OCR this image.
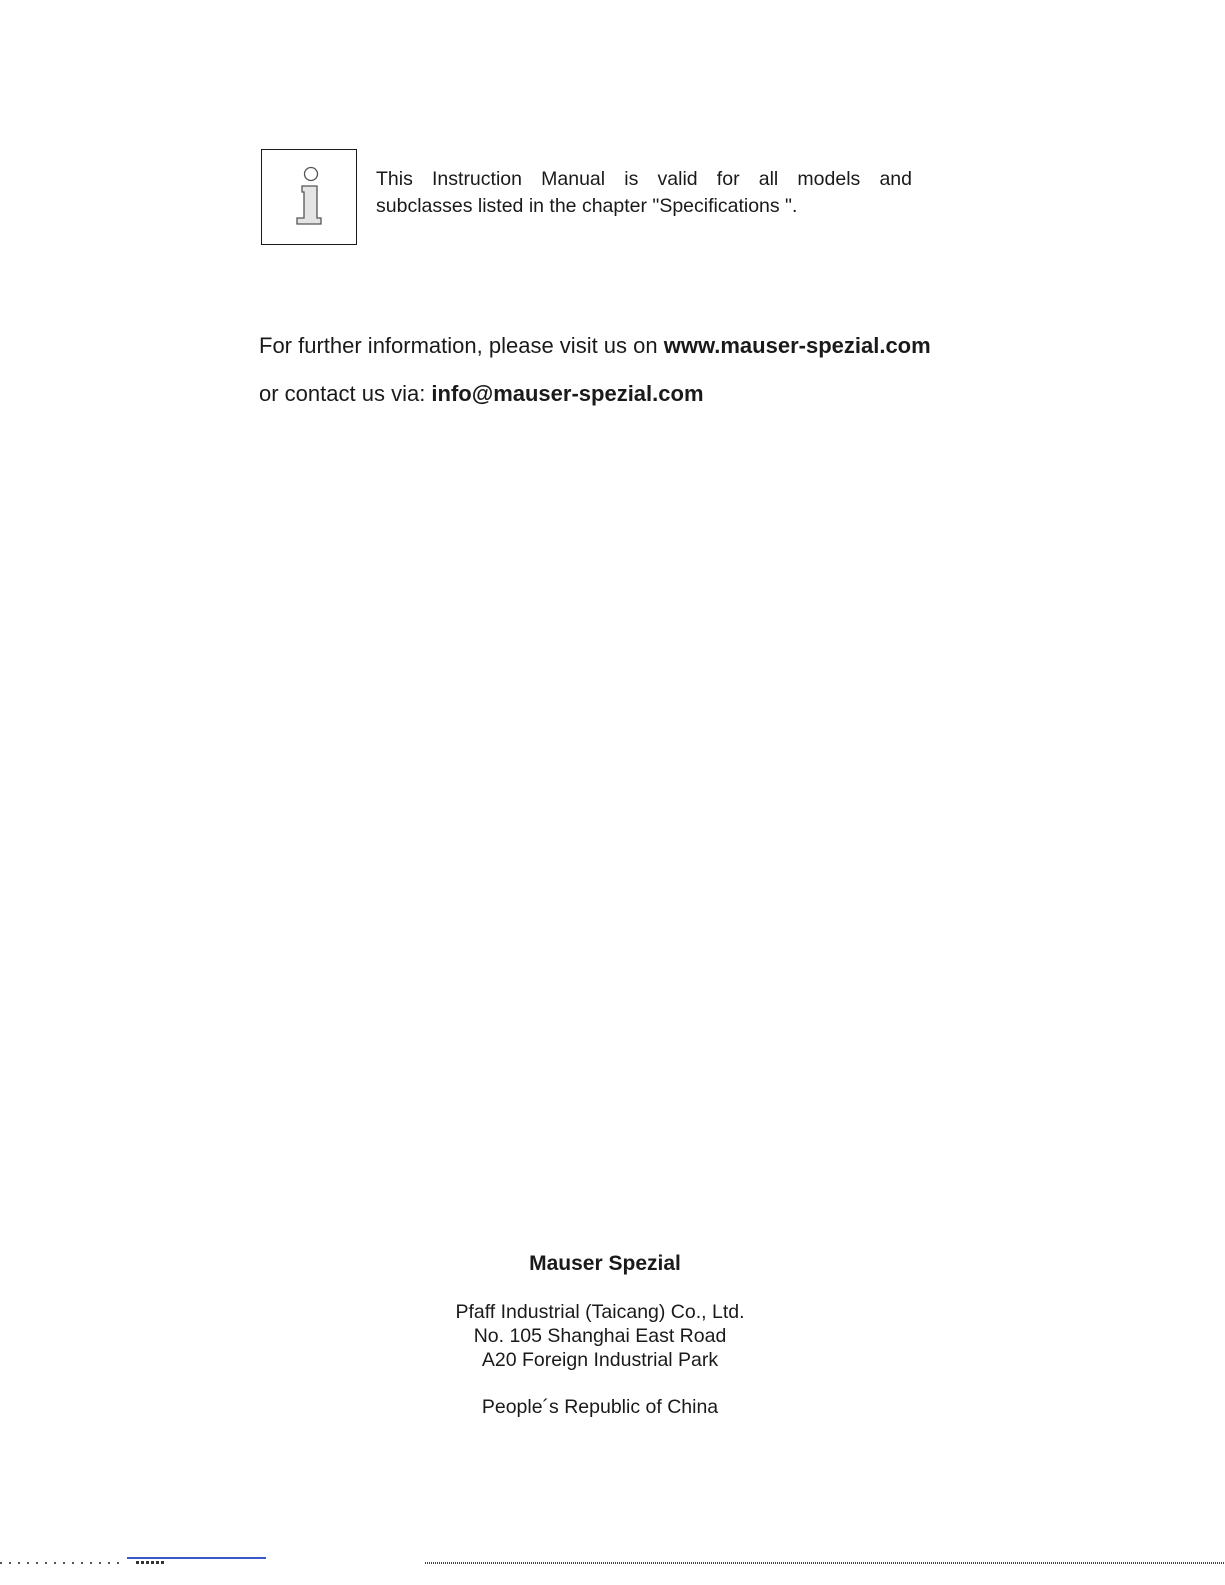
This Instruction Manual is valid for all models and
subclasses listed in the chapter "Specifications ".
For further information, please visit us on www.mauser-spezial.com
or contact us via: info@mauser-spezial.com
Mauser Spezial
Pfaff Industrial (Taicang) Co., Ltd.
No. 105 Shanghai East Road
A20 Foreign Industrial Park
People´s Republic of China
